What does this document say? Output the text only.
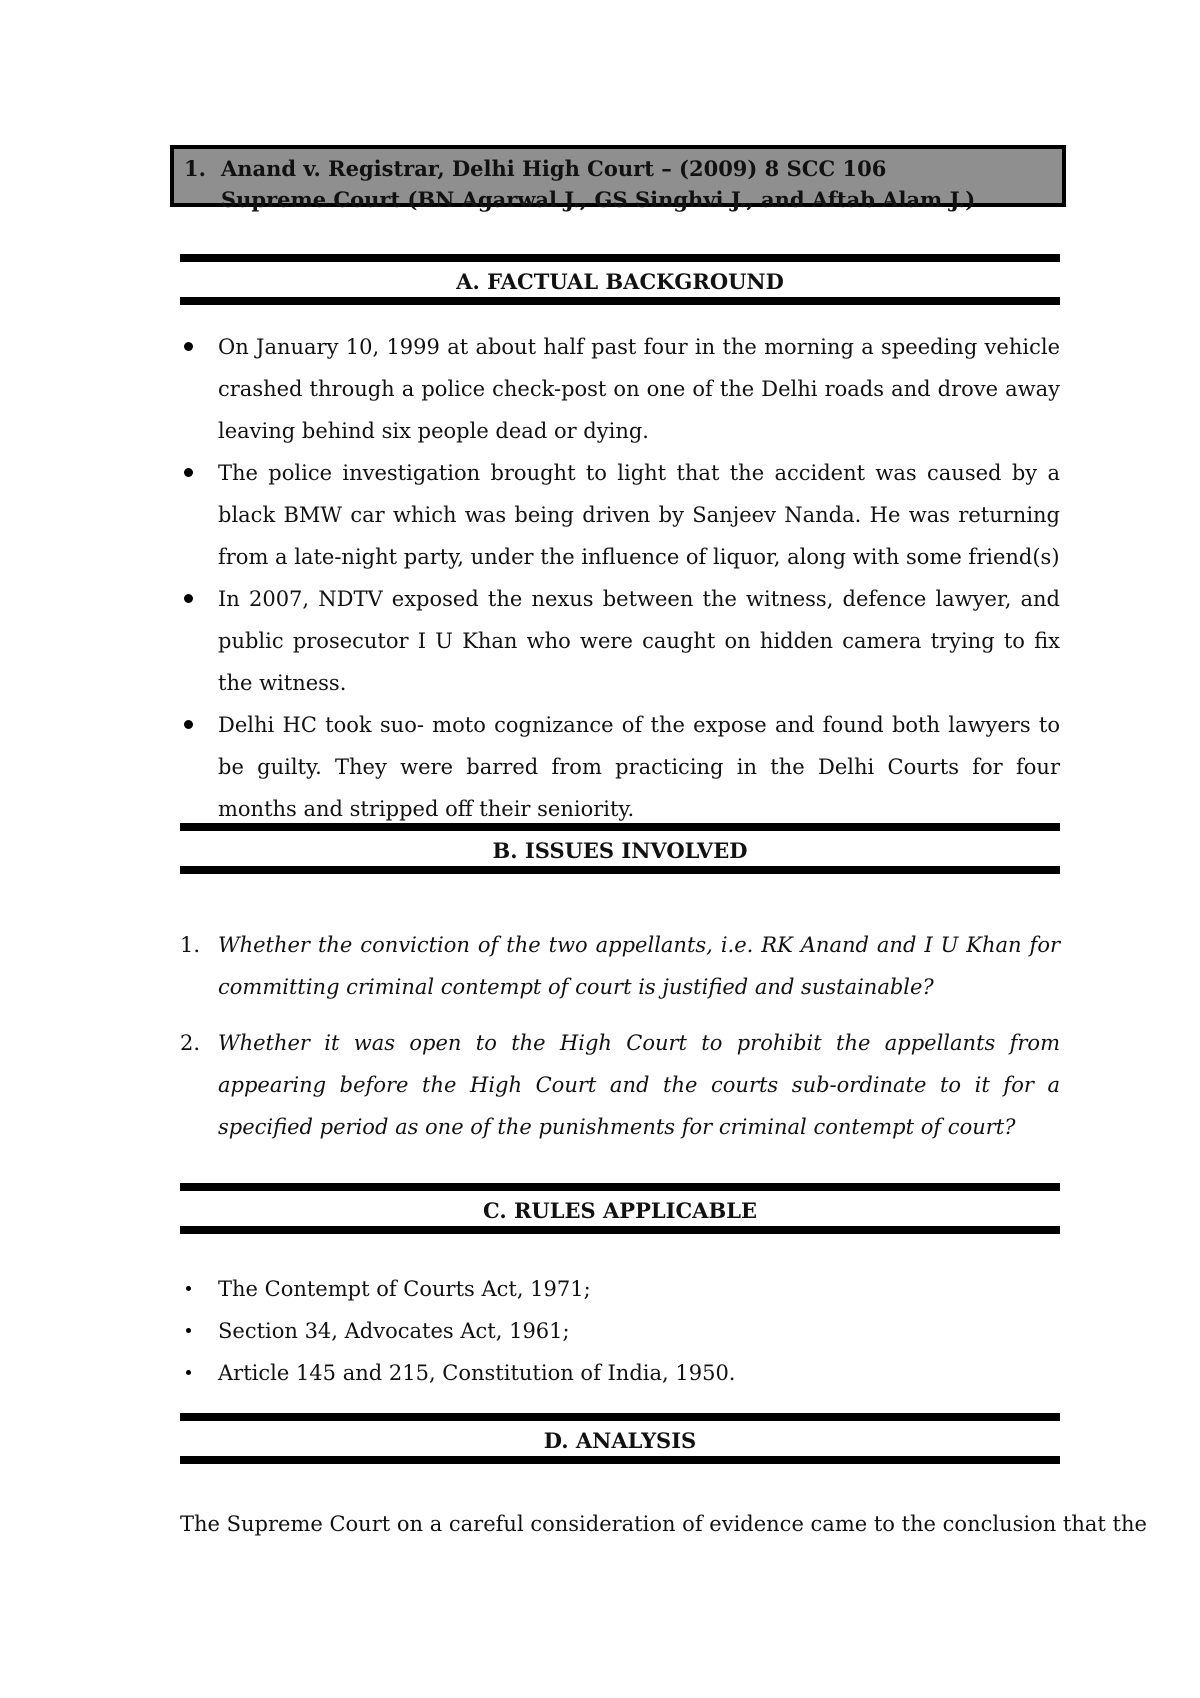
1. Anand v. Registrar, Delhi High Court – (2009) 8 SCC 106
Supreme Court (BN Agarwal J., GS Singhvi J., and Aftab Alam J.)
A. FACTUAL BACKGROUND
On January 10, 1999 at about half past four in the morning a speeding vehicle crashed through a police check-post on one of the Delhi roads and drove away leaving behind six people dead or dying.
The police investigation brought to light that the accident was caused by a black BMW car which was being driven by Sanjeev Nanda. He was returning from a late-night party, under the influence of liquor, along with some friend(s)
In 2007, NDTV exposed the nexus between the witness, defence lawyer, and public prosecutor I U Khan who were caught on hidden camera trying to fix the witness.
Delhi HC took suo- moto cognizance of the expose and found both lawyers to be guilty. They were barred from practicing in the Delhi Courts for four months and stripped off their seniority.
B. ISSUES INVOLVED
1. Whether the conviction of the two appellants, i.e. RK Anand and I U Khan for committing criminal contempt of court is justified and sustainable?
2. Whether it was open to the High Court to prohibit the appellants from appearing before the High Court and the courts sub-ordinate to it for a specified period as one of the punishments for criminal contempt of court?
C. RULES APPLICABLE
The Contempt of Courts Act, 1971;
Section 34, Advocates Act, 1961;
Article 145 and 215, Constitution of India, 1950.
D. ANALYSIS
The Supreme Court on a careful consideration of evidence came to the conclusion that the
